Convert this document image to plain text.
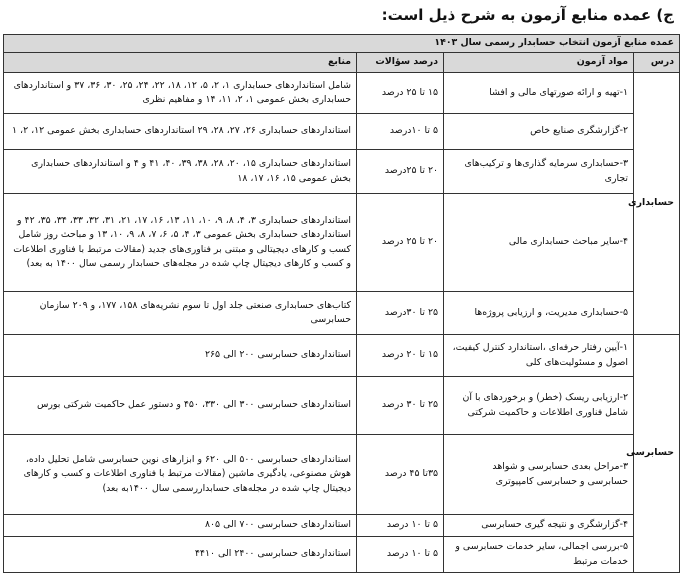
ج) عمده منابع آزمون به شرح ذیل است:
عمده منابع آزمون انتخاب حسابدار رسمی سال ۱۴۰۳			
درس	مواد آزمون	درصد سؤالات	منابع
حسابداری	۱-تهیه و ارائه صورتهای مالی و افشا	۱۵ تا ۲۵ درصد	شامل استانداردهای حسابداری ۱، ۲، ۵، ۱۲، ۱۸، ۲۲، ۲۴، ۲۵، ۳۰، ۳۶، ۳۷ و استانداردهای حسابداری بخش عمومی ۱، ۲، ۱۱، ۱۴ و مفاهیم نظری
	۲-گزارشگری صنایع خاص	۵ تا ۱۰درصد	استانداردهای حسابداری ۲۶، ۲۷، ۲۸، ۲۹ استانداردهای حسابداری بخش عمومی ۱۲، ۲، ۱
	۳-حسابداری سرمایه گذاری‌ها و ترکیب‌های تجاری	۲۰ تا ۲۵درصد	استانداردهای حسابداری ۱۵، ۲۰، ۲۸، ۳۸، ۳۹، ۴۰، ۴۱ و ۴ و استانداردهای حسابداری بخش عمومی ۱۵، ۱۶، ۱۷، ۱۸
	۴-سایر مباحث حسابداری مالی	۲۰ تا ۲۵ درصد	استانداردهای حسابداری ۳، ۴، ۸، ۹، ۱۰، ۱۱، ۱۳، ۱۶، ۱۷، ۲۱، ۳۱، ۳۲، ۳۳، ۳۴، ۳۵، ۴۲ و استانداردهای حسابداری بخش عمومی ۳، ۴، ۵، ۶، ۷، ۸، ۹، ۱۰، ۱۳ و مباحث روز شامل کسب و کارهای دیجیتالی و مبتنی بر فناوری‌های جدید (مقالات مرتبط با فناوری اطلاعات و کسب و کارهای دیجیتال چاپ شده در مجله‌های حسابدار رسمی سال ۱۴۰۰ به بعد)
	۵-حسابداری مدیریت، و ارزیابی پروژه‌ها	۲۵ تا ۳۰درصد	کتاب‌های حسابداری صنعتی جلد اول تا سوم نشریه‌های ۱۵۸، ۱۷۷، و ۲۰۹ سازمان حسابرسی
حسابرسی	۱-آیین رفتار حرفه‌ای ،استاندارد کنترل کیفیت، اصول و مسئولیت‌های کلی	۱۵ تا ۲۰ درصد	استانداردهای حسابرسی ۲۰۰ الی ۲۶۵
	۲-ارزیابی ریسک (خطر) و برخوردهای با آن شامل فناوری اطلاعات و حاکمیت شرکتی	۲۵ تا ۳۰ درصد	استانداردهای حسابرسی ۳۰۰ الی ۳۳۰، ۴۵۰ و دستور عمل حاکمیت شرکتی بورس
	۳-مراحل بعدی حسابرسی و شواهد حسابرسی و حسابرسی کامپیوتری	۳۵تا ۴۵ درصد	استانداردهای حسابرسی ۵۰۰ الی ۶۲۰ و ابزارهای نوین حسابرسی شامل تحلیل داده، هوش مصنوعی، یادگیری ماشین (مقالات مرتبط با فناوری اطلاعات و کسب و کارهای دیجیتال چاپ شده در مجله‌های حسابداررسمی سال ۱۴۰۰به بعد)
	۴-گزارشگری و نتیجه گیری حسابرسی	۵ تا ۱۰ درصد	استانداردهای حسابرسی ۷۰۰ الی ۸۰۵
	۵-بررسی اجمالی، سایر خدمات حسابرسی و خدمات مرتبط	۵ تا ۱۰ درصد	استانداردهای حسابرسی ۲۴۰۰ الی ۴۴۱۰
